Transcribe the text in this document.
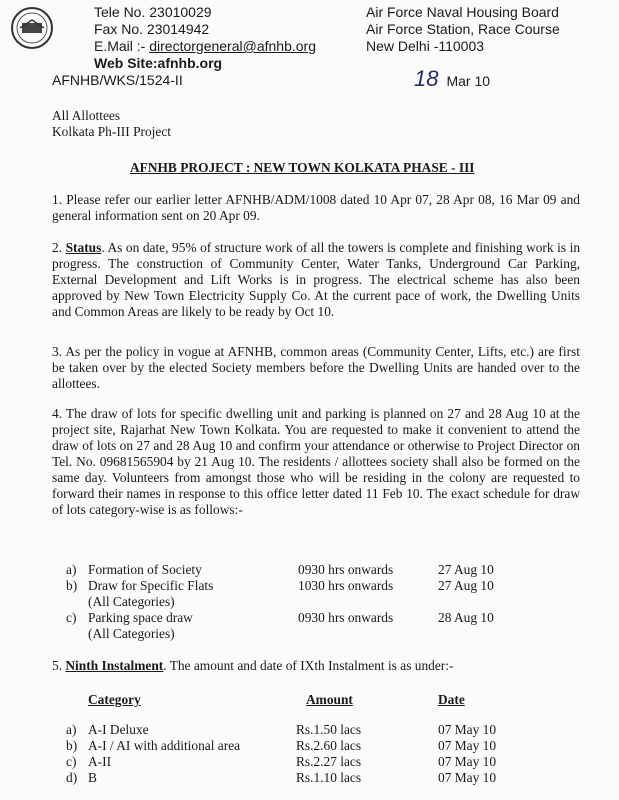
Tele No. 23010029
Fax No. 23014942
E.Mail :- directorgeneral@afnhb.org
Web Site:afnhb.org
Air Force Naval Housing Board
Air Force Station, Race Course
New Delhi -110003
AFNHB/WKS/1524-II	18 Mar 10
All Allottees
Kolkata Ph-III Project
AFNHB PROJECT : NEW TOWN KOLKATA PHASE - III
1. Please refer our earlier letter AFNHB/ADM/1008 dated 10 Apr 07, 28 Apr 08, 16 Mar 09 and general information sent on 20 Apr 09.
2. Status. As on date, 95% of structure work of all the towers is complete and finishing work is in progress. The construction of Community Center, Water Tanks, Underground Car Parking, External Development and Lift Works is in progress. The electrical scheme has also been approved by New Town Electricity Supply Co. At the current pace of work, the Dwelling Units and Common Areas are likely to be ready by Oct 10.
3. As per the policy in vogue at AFNHB, common areas (Community Center, Lifts, etc.) are first be taken over by the elected Society members before the Dwelling Units are handed over to the allottees.
4. The draw of lots for specific dwelling unit and parking is planned on 27 and 28 Aug 10 at the project site, Rajarhat New Town Kolkata. You are requested to make it convenient to attend the draw of lots on 27 and 28 Aug 10 and confirm your attendance or otherwise to Project Director on Tel. No. 09681565904 by 21 Aug 10. The residents / allottees society shall also be formed on the same day. Volunteers from amongst those who will be residing in the colony are requested to forward their names in response to this office letter dated 11 Feb 10. The exact schedule for draw of lots category-wise is as follows:-
a) Formation of Society	0930 hrs onwards	27 Aug 10
b) Draw for Specific Flats	1030 hrs onwards	27 Aug 10
(All Categories)
c) Parking space draw	0930 hrs onwards	28 Aug 10
(All Categories)
5. Ninth Instalment. The amount and date of IXth Instalment is as under:-
Category	Amount	Date
a) A-I Deluxe	Rs.1.50 lacs	07 May 10
b) A-I / AI with additional area	Rs.2.60 lacs	07 May 10
c) A-II	Rs.2.27 lacs	07 May 10
d) B	Rs.1.10 lacs	07 May 10
